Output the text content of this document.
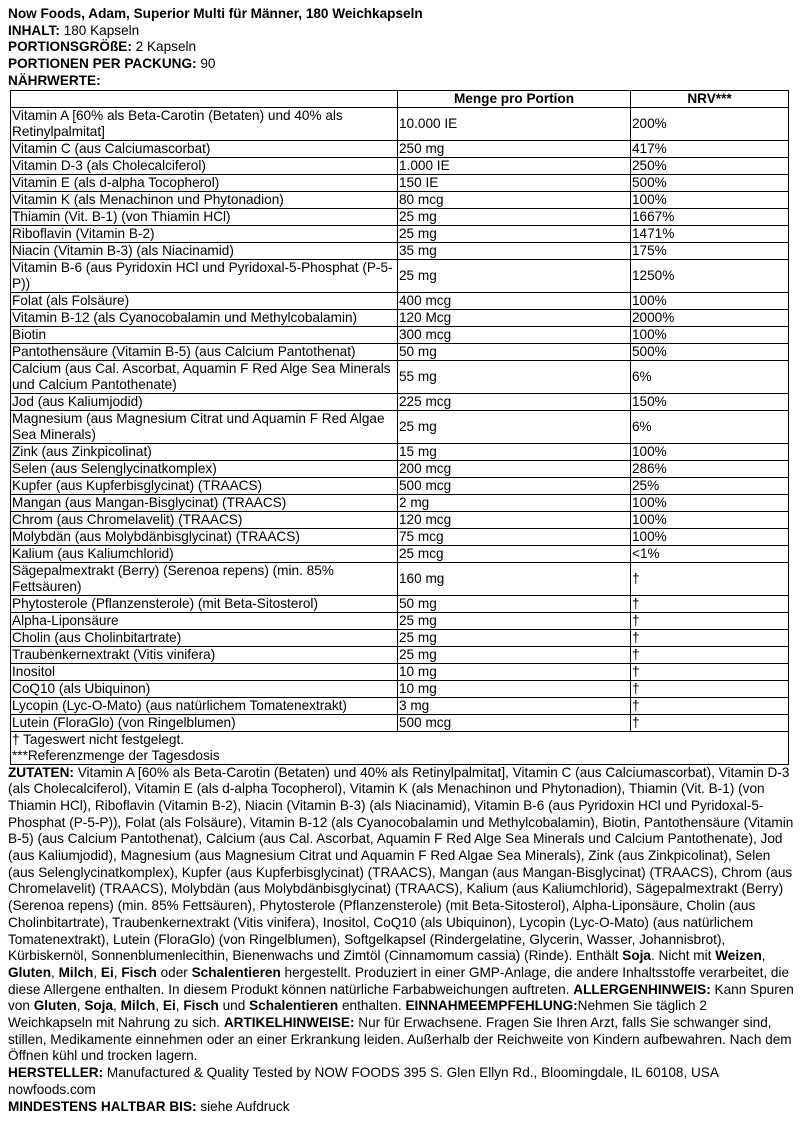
Now Foods, Adam, Superior Multi für Männer, 180 Weichkapseln
INHALT: 180 Kapseln
PORTIONSGRÖßE: 2 Kapseln
PORTIONEN PER PACKUNG: 90
NÄHRWERTE:
	Menge pro Portion	NRV***
Vitamin A [60% als Beta-Carotin (Betaten) und 40% als Retinylpalmitat]	10.000 IE	200%
Vitamin C (aus Calciumascorbat)	250 mg	417%
Vitamin D-3 (als Cholecalciferol)	1.000 IE	250%
Vitamin E (als d-alpha Tocopherol)	150 IE	500%
Vitamin K (als Menachinon und Phytonadion)	80 mcg	100%
Thiamin (Vit. B-1) (von Thiamin HCl)	25 mg	1667%
Riboflavin (Vitamin B-2)	25 mg	1471%
Niacin (Vitamin B-3) (als Niacinamid)	35 mg	175%
Vitamin B-6 (aus Pyridoxin HCl und Pyridoxal-5-Phosphat (P-5-P))	25 mg	1250%
Folat (als Folsäure)	400 mcg	100%
Vitamin B-12 (als Cyanocobalamin und Methylcobalamin)	120 Mcg	2000%
Biotin	300 mcg	100%
Pantothensäure (Vitamin B-5) (aus Calcium Pantothenat)	50 mg	500%
Calcium (aus Cal. Ascorbat, Aquamin F Red Alge Sea Minerals und Calcium Pantothenate)	55 mg	6%
Jod (aus Kaliumjodid)	225 mcg	150%
Magnesium (aus Magnesium Citrat und Aquamin F Red Algae Sea Minerals)	25 mg	6%
Zink (aus Zinkpicolinat)	15 mg	100%
Selen (aus Selenglycinatkomplex)	200 mcg	286%
Kupfer (aus Kupferbisglycinat) (TRAACS)	500 mcg	25%
Mangan (aus Mangan-Bisglycinat) (TRAACS)	2 mg	100%
Chrom (aus Chromelavelit) (TRAACS)	120 mcg	100%
Molybdän (aus Molybdänbisglycinat) (TRAACS)	75 mcg	100%
Kalium (aus Kaliumchlorid)	25 mcg	<1%
Sägepalmextrakt (Berry) (Serenoa repens) (min. 85% Fettsäuren)	160 mg	†
Phytosterole (Pflanzensterole) (mit Beta-Sitosterol)	50 mg	†
Alpha-Liponsäure	25 mg	†
Cholin (aus Cholinbitartrate)	25 mg	†
Traubenkernextrakt (Vitis vinifera)	25 mg	†
Inositol	10 mg	†
CoQ10 (als Ubiquinon)	10 mg	†
Lycopin (Lyc-O-Mato) (aus natürlichem Tomatenextrakt)	3 mg	†
Lutein (FloraGlo) (von Ringelblumen)	500 mcg	†

† Tageswert nicht festgelegt.
***Referenzmenge der Tagesdosis		

ZUTATEN: Vitamin A [60% als Beta-Carotin (Betaten) und 40% als Retinylpalmitat], Vitamin C (aus Calciumascorbat), Vitamin D-3 (als Cholecalciferol), Vitamin E (als d-alpha Tocopherol), Vitamin K (als Menachinon und Phytonadion), Thiamin (Vit. B-1) (von Thiamin HCl), Riboflavin (Vitamin B-2), Niacin (Vitamin B-3) (als Niacinamid), Vitamin B-6 (aus Pyridoxin HCl und Pyridoxal-5-Phosphat (P-5-P)), Folat (als Folsäure), Vitamin B-12 (als Cyanocobalamin und Methylcobalamin), Biotin, Pantothensäure (Vitamin B-5) (aus Calcium Pantothenat), Calcium (aus Cal. Ascorbat, Aquamin F Red Alge Sea Minerals und Calcium Pantothenate), Jod (aus Kaliumjodid), Magnesium (aus Magnesium Citrat und Aquamin F Red Algae Sea Minerals), Zink (aus Zinkpicolinat), Selen (aus Selenglycinatkomplex), Kupfer (aus Kupferbisglycinat) (TRAACS), Mangan (aus Mangan-Bisglycinat) (TRAACS), Chrom (aus Chromelavelit) (TRAACS), Molybdän (aus Molybdänbisglycinat) (TRAACS), Kalium (aus Kaliumchlorid), Sägepalmextrakt (Berry) (Serenoa repens) (min. 85% Fettsäuren), Phytosterole (Pflanzensterole) (mit Beta-Sitosterol), Alpha-Liponsäure, Cholin (aus Cholinbitartrate), Traubenkernextrakt (Vitis vinifera), Inositol, CoQ10 (als Ubiquinon), Lycopin (Lyc-O-Mato) (aus natürlichem Tomatenextrakt), Lutein (FloraGlo) (von Ringelblumen), Softgelkapsel (Rindergelatine, Glycerin, Wasser, Johannisbrot), Kürbiskernöl, Sonnenblumenlecithin, Bienenwachs und Zimtöl (Cinnamomum cassia) (Rinde). Enthält Soja. Nicht mit Weizen, Gluten, Milch, Ei, Fisch oder Schalentieren hergestellt. Produziert in einer GMP-Anlage, die andere Inhaltsstoffe verarbeitet, die diese Allergene enthalten. In diesem Produkt können natürliche Farbabweichungen auftreten. ALLERGENHINWEIS: Kann Spuren von Gluten, Soja, Milch, Ei, Fisch und Schalentieren enthalten. EINNAHMEEMPFEHLUNG:Nehmen Sie täglich 2 Weichkapseln mit Nahrung zu sich. ARTIKELHINWEISE: Nur für Erwachsene. Fragen Sie Ihren Arzt, falls Sie schwanger sind, stillen, Medikamente einnehmen oder an einer Erkrankung leiden. Außerhalb der Reichweite von Kindern aufbewahren. Nach dem Öffnen kühl und trocken lagern.

HERSTELLER: Manufactured & Quality Tested by NOW FOODS 395 S. Glen Ellyn Rd., Bloomingdale, IL 60108, USA nowfoods.com

MINDESTENS HALTBAR BIS: siehe Aufdruck
